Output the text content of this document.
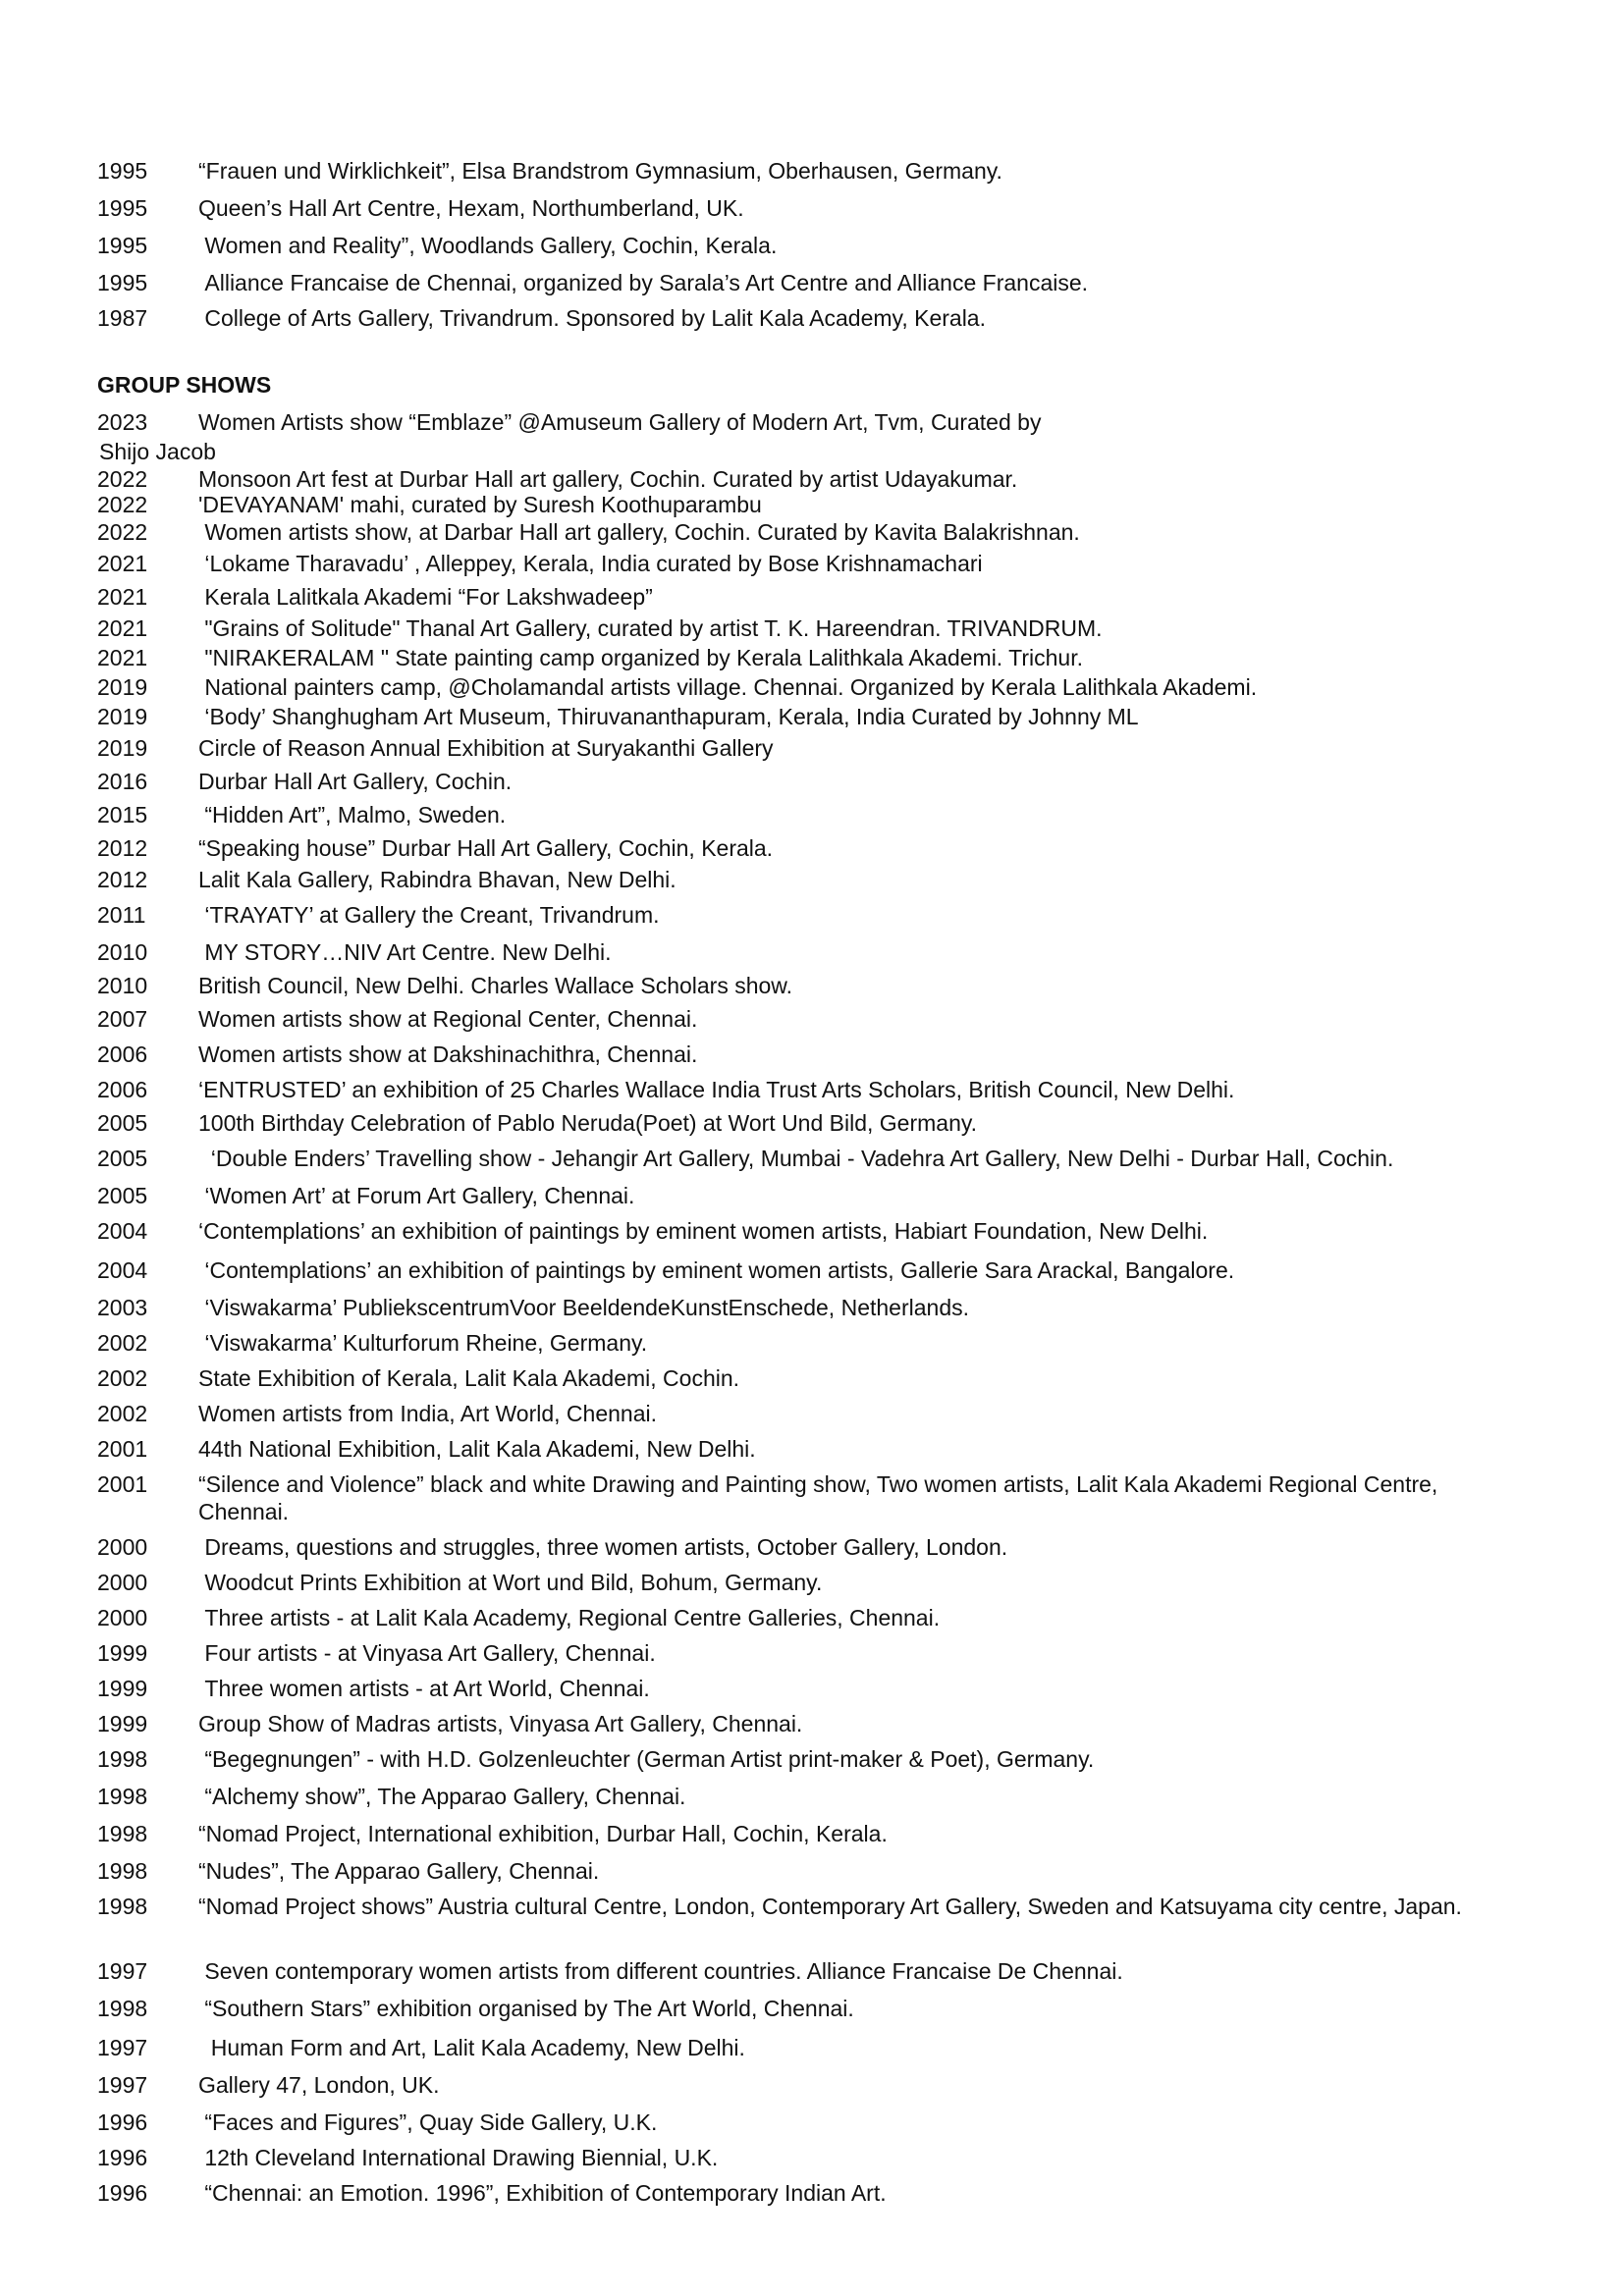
1995	“Frauen und Wirklichkeit”, Elsa Brandstrom Gymnasium, Oberhausen, Germany.
1995	Queen’s Hall Art Centre, Hexam, Northumberland, UK.
1995	Women and Reality”, Woodlands Gallery, Cochin, Kerala.
1995	Alliance Francaise de Chennai, organized by Sarala’s Art Centre and Alliance Francaise.
1987	College of Arts Gallery, Trivandrum. Sponsored by Lalit Kala Academy, Kerala.
GROUP SHOWS
2023	Women Artists show “Emblaze” @Amuseum Gallery of Modern Art, Tvm, Curated by
Shijo Jacob
2022	Monsoon Art fest at Durbar Hall art gallery, Cochin. Curated by artist Udayakumar.
2022	'DEVAYANAM' mahi, curated by Suresh Koothuparambu
2022	Women artists show, at Darbar Hall art gallery, Cochin. Curated by Kavita Balakrishnan.
2021	‘Lokame Tharavadu’ , Alleppey, Kerala, India curated by Bose Krishnamachari
2021	Kerala Lalitkala Akademi “For Lakshwadeep”
2021	"Grains of Solitude" Thanal Art Gallery, curated by artist T. K. Hareendran. TRIVANDRUM.
2021	"NIRAKERALAM " State painting camp organized by Kerala Lalithkala Akademi. Trichur.
2019	National painters camp, @Cholamandal artists village. Chennai. Organized by Kerala Lalithkala Akademi.
2019	‘Body’ Shanghugham Art Museum, Thiruvananthapuram, Kerala, India Curated by Johnny ML
2019	Circle of Reason Annual Exhibition at Suryakanthi Gallery
2016	Durbar Hall Art Gallery, Cochin.
2015	“Hidden Art”, Malmo, Sweden.
2012	“Speaking house” Durbar Hall Art Gallery, Cochin, Kerala.
2012	Lalit Kala Gallery, Rabindra Bhavan, New Delhi.
2011	‘TRAYATY’ at Gallery the Creant, Trivandrum.
2010	MY STORY…NIV Art Centre. New Delhi.
2010	British Council, New Delhi. Charles Wallace Scholars show.
2007	Women artists show at Regional Center, Chennai.
2006	Women artists show at Dakshinachithra, Chennai.
2006	‘ENTRUSTED’ an exhibition of 25 Charles Wallace India Trust Arts Scholars, British Council, New Delhi.
2005	100th Birthday Celebration of Pablo Neruda(Poet) at Wort Und Bild, Germany.
2005	‘Double Enders’ Travelling show - Jehangir Art Gallery, Mumbai - Vadehra Art Gallery, New Delhi - Durbar Hall, Cochin.
2005	‘Women Art’ at Forum Art Gallery, Chennai.
2004	‘Contemplations’ an exhibition of paintings by eminent women artists, Habiart Foundation, New Delhi.
2004	‘Contemplations’ an exhibition of paintings by eminent women artists, Gallerie Sara Arackal, Bangalore.
2003	‘Viswakarma’ PubliekscentrumVoor BeeldendeKunstEnschede, Netherlands.
2002	‘Viswakarma’ Kulturforum Rheine, Germany.
2002	State Exhibition of Kerala, Lalit Kala Akademi, Cochin.
2002	Women artists from India, Art World, Chennai.
2001	44th National Exhibition, Lalit Kala Akademi, New Delhi.
2001	“Silence and Violence” black and white Drawing and Painting show, Two women artists, Lalit Kala Akademi Regional Centre, Chennai.
2000	Dreams, questions and struggles, three women artists, October Gallery, London.
2000	Woodcut Prints Exhibition at Wort und Bild, Bohum, Germany.
2000	Three artists - at Lalit Kala Academy, Regional Centre Galleries, Chennai.
1999	Four artists - at Vinyasa Art Gallery, Chennai.
1999	Three women artists - at Art World, Chennai.
1999	Group Show of Madras artists, Vinyasa Art Gallery, Chennai.
1998	“Begegnungen” - with H.D. Golzenleuchter (German Artist print-maker & Poet), Germany.
1998	“Alchemy show”, The Apparao Gallery, Chennai.
1998	“Nomad Project, International exhibition, Durbar Hall, Cochin, Kerala.
1998	“Nudes”, The Apparao Gallery, Chennai.
1998	“Nomad Project shows” Austria cultural Centre, London, Contemporary Art Gallery, Sweden and Katsuyama city centre, Japan.
1997	Seven contemporary women artists from different countries. Alliance Francaise De Chennai.
1998	“Southern Stars” exhibition organised by The Art World, Chennai.
1997	Human Form and Art, Lalit Kala Academy, New Delhi.
1997	Gallery 47, London, UK.
1996	“Faces and Figures”, Quay Side Gallery, U.K.
1996	12th Cleveland International Drawing Biennial, U.K.
1996	“Chennai: an Emotion. 1996”, Exhibition of Contemporary Indian Art.
